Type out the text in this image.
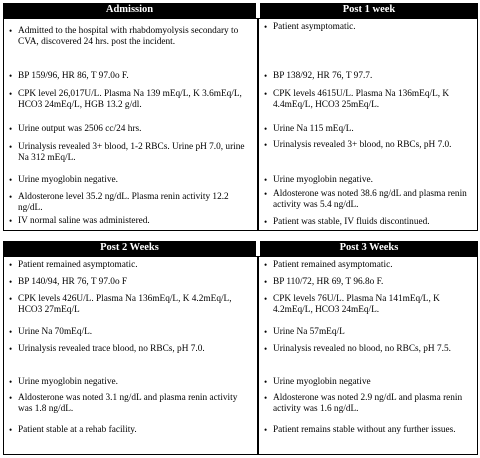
Admission	Post 1 week
• Admitted to the hospital with rhabdomyolysis secondary to CVA, discovered 24 hrs. post the incident.
• BP 159/96, HR 86, T 97.0o F.
• CPK level 26,017U/L. Plasma Na 139 mEq/L, K 3.6mEq/L, HCO3 24mEq/L, HGB 13.2 g/dl.
• Urine output was 2506 cc/24 hrs.
• Urinalysis revealed 3+ blood, 1-2 RBCs. Urine pH 7.0, urine Na 312 mEq/L.
• Urine myoglobin negative.
• Aldosterone level 35.2 ng/dL. Plasma renin activity 12.2 ng/dL.
• IV normal saline was administered.
• Patient asymptomatic.
• BP 138/92, HR 76, T 97.7.
• CPK levels 4615U/L. Plasma Na 136mEq/L, K 4.4mEq/L, HCO3 25mEq/L.
• Urine Na 115 mEq/L.
• Urinalysis revealed 3+ blood, no RBCs, pH 7.0.
• Urine myoglobin negative.
• Aldosterone was noted 38.6 ng/dL and plasma renin activity was 5.4 ng/dL.
• Patient was stable, IV fluids discontinued.
Post 2 Weeks	Post 3 Weeks
• Patient remained asymptomatic.
• BP 140/94, HR 76, T 97.0o F
• CPK levels 426U/L. Plasma Na 136mEq/L, K 4.2mEq/L, HCO3 27mEq/L
• Urine Na 70mEq/L.
• Urinalysis revealed trace blood, no RBCs, pH 7.0.
• Urine myoglobin negative.
• Aldosterone was noted 3.1 ng/dL and plasma renin activity was 1.8 ng/dL.
• Patient stable at a rehab facility.
• Patient remained asymptomatic.
• BP 110/72, HR 69, T 96.8o F.
• CPK levels 76U/L. Plasma Na 141mEq/L, K 4.2mEq/L, HCO3 24mEq/L.
• Urine Na 57mEq/L
• Urinalysis revealed no blood, no RBCs, pH 7.5.
• Urine myoglobin negative
• Aldosterone was noted 2.9 ng/dL and plasma renin activity was 1.6 ng/dL.
• Patient remains stable without any further issues.
